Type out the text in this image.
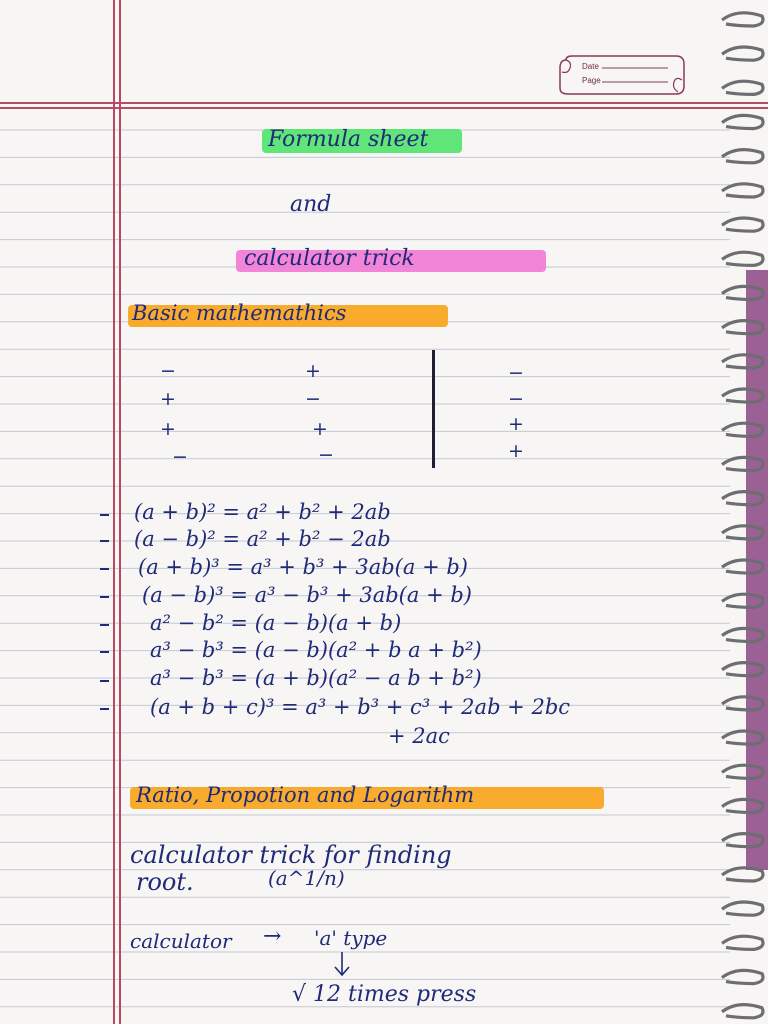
Date
Page
Formula sheet
and
calculator trick
Basic mathemathics
−
+
+
−
+
−
+
−
−
−
+
+
(a + b)² = a² + b² + 2ab
(a − b)² = a² + b² − 2ab
(a + b)³ = a³ + b³ + 3ab(a + b)
(a − b)³ = a³ − b³ + 3ab(a + b)
a² − b² = (a − b)(a + b)
a³ − b³ = (a − b)(a² + b a + b²)
a³ − b³ = (a + b)(a² − a b + b²)
(a + b + c)³ = a³ + b³ + c³ + 2ab + 2bc
+ 2ac
Ratio, Propotion and Logarithm
calculator trick for finding
root.	(a^1/n)
calculator → 'a' type
√ 12 times press
